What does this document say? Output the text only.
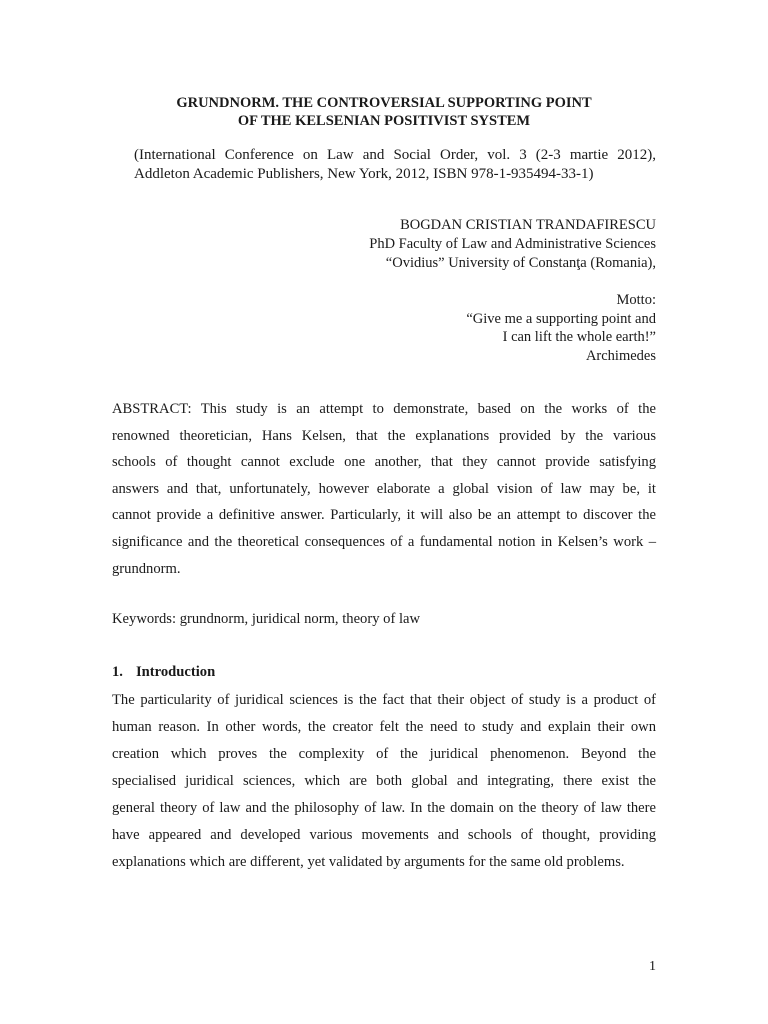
GRUNDNORM. THE CONTROVERSIAL SUPPORTING POINT
OF THE KELSENIAN POSITIVIST SYSTEM
(International Conference on Law and Social Order, vol. 3 (2-3 martie 2012),
Addleton Academic Publishers, New York, 2012, ISBN 978-1-935494-33-1)
BOGDAN CRISTIAN TRANDAFIRESCU
PhD Faculty of Law and Administrative Sciences
“Ovidius” University of Constanţa (Romania),
Motto:
“Give me a supporting point and
I can lift the whole earth!”
Archimedes
ABSTRACT: This study is an attempt to demonstrate, based on the works of the
renowned theoretician, Hans Kelsen, that the explanations provided by the various
schools of thought cannot exclude one another, that they cannot provide satisfying
answers and that, unfortunately, however elaborate a global vision of law may be, it
cannot provide a definitive answer. Particularly, it will also be an attempt to discover the
significance and the theoretical consequences of a fundamental notion in Kelsen’s work –
grundnorm.
Keywords: grundnorm, juridical norm, theory of law
1. Introduction
The particularity of juridical sciences is the fact that their object of study is a product of
human reason. In other words, the creator felt the need to study and explain their own
creation which proves the complexity of the juridical phenomenon. Beyond the
specialised juridical sciences, which are both global and integrating, there exist the
general theory of law and the philosophy of law. In the domain on the theory of law there
have appeared and developed various movements and schools of thought, providing
explanations which are different, yet validated by arguments for the same old problems.
1
